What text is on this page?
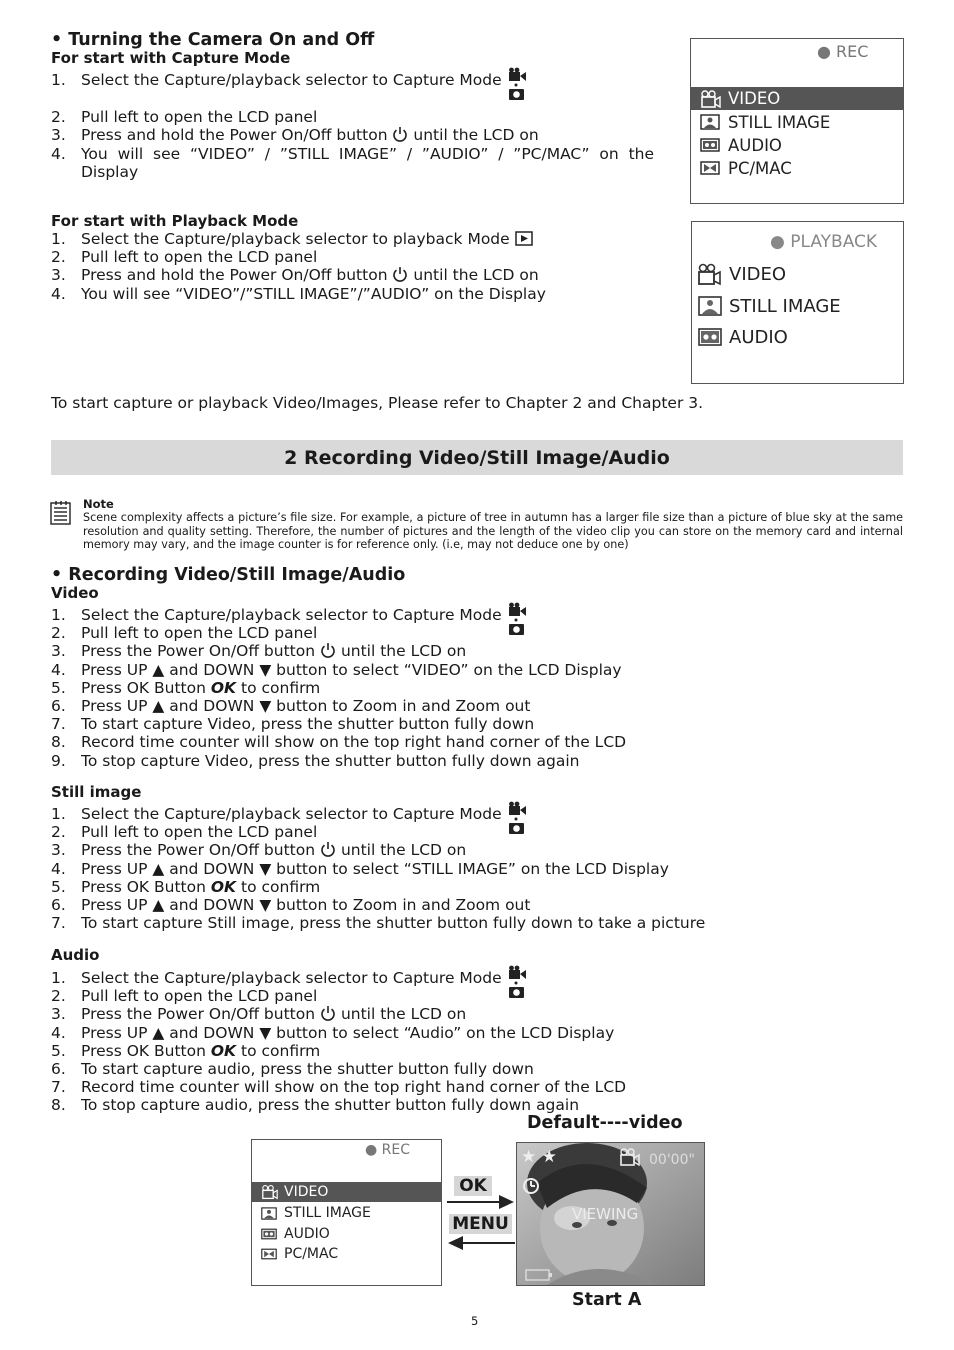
• Turning the Camera On and Off
For start with Capture Mode
1. Select the Capture/playback selector to Capture Mode
2. Pull left to open the LCD panel
3. Press and hold the Power On/Off button until the LCD on
4. You  will  see  “VIDEO”  /  ”STILL  IMAGE”  /  ”AUDIO”  /  ”PC/MAC”  on  the
Display
For start with Playback Mode
1. Select the Capture/playback selector to playback Mode
2. Pull left to open the LCD panel
3. Press and hold the Power On/Off button until the LCD on
4. You will see “VIDEO”/”STILL IMAGE”/”AUDIO” on the Display
● REC
VIDEO
STILL IMAGE
AUDIO
PC/MAC
● PLAYBACK
VIDEO
STILL IMAGE
AUDIO
To start capture or playback Video/Images, Please refer to Chapter 2 and Chapter 3.
2 Recording Video/Still Image/Audio
Note
Scene complexity affects a picture’s file size. For example, a picture of tree in autumn has a larger file size than a picture of blue sky at the same resolution and quality setting. Therefore, the number of pictures and the length of the video clip you can store on the memory card and internal memory may vary, and the image counter is for reference only. (i.e, may not deduce one by one)
• Recording Video/Still Image/Audio
Video
1. Select the Capture/playback selector to Capture Mode
2. Pull left to open the LCD panel
3. Press the Power On/Off button until the LCD on
4. Press UP ▲ and DOWN ▼ button to select “VIDEO” on the LCD Display
5. Press OK Button OK to confirm
6. Press UP ▲ and DOWN ▼ button to Zoom in and Zoom out
7. To start capture Video, press the shutter button fully down
8. Record time counter will show on the top right hand corner of the LCD
9. To stop capture Video, press the shutter button fully down again
Still image
1. Select the Capture/playback selector to Capture Mode
2. Pull left to open the LCD panel
3. Press the Power On/Off button until the LCD on
4. Press UP ▲ and DOWN ▼ button to select “STILL IMAGE” on the LCD Display
5. Press OK Button OK to confirm
6. Press UP ▲ and DOWN ▼ button to Zoom in and Zoom out
7. To start capture Still image, press the shutter button fully down to take a picture
Audio
1. Select the Capture/playback selector to Capture Mode
2. Pull left to open the LCD panel
3. Press the Power On/Off button until the LCD on
4. Press UP ▲ and DOWN ▼ button to select “Audio” on the LCD Display
5. Press OK Button OK to confirm
6. To start capture audio, press the shutter button fully down
7. Record time counter will show on the top right hand corner of the LCD
8. To stop capture audio, press the shutter button fully down again
Default----video
● REC
VIDEO
STILL IMAGE
AUDIO
PC/MAC
OK
MENU
★ ★	00'00"
VIEWING
Start A
5
